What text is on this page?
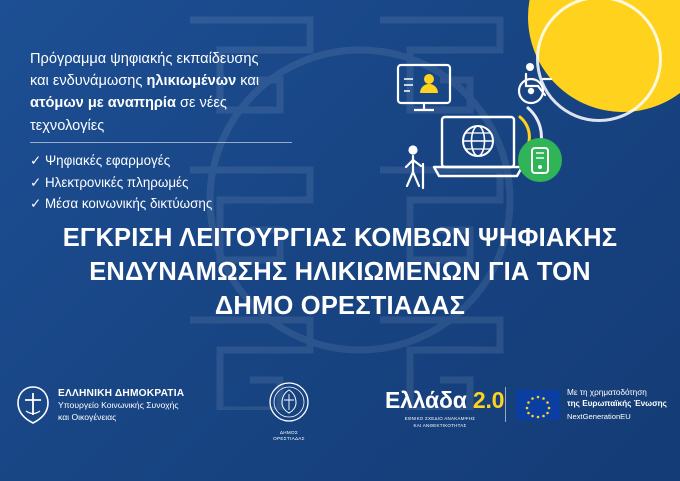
Πρόγραμμα ψηφιακής εκπαίδευσης
και ενδυνάμωσης ηλικιωμένων και
ατόμων με αναπηρία σε νέες
τεχνολογίες
✓ Ψηφιακές εφαρμογές
✓ Ηλεκτρονικές πληρωμές
✓ Μέσα κοινωνικής δικτύωσης
ΕΓΚΡΙΣΗ ΛΕΙΤΟΥΡΓΙΑΣ ΚΟΜΒΩΝ ΨΗΦΙΑΚΗΣ
ΕΝΔΥΝΑΜΩΣΗΣ ΗΛΙΚΙΩΜΕΝΩΝ ΓΙΑ ΤΟΝ
ΔΗΜΟ ΟΡΕΣΤΙΑΔΑΣ
ΕΛΛΗΝΙΚΗ ΔΗΜΟΚΡΑΤΙΑ
Υπουργείο Κοινωνικής Συνοχής
και Οικογένειας
ΔΗΜΟΣ
ΟΡΕΣΤΙΑΔΑΣ
Ελλάδα 2.0
ΕΘΝΙΚΟ ΣΧΕΔΙΟ ΑΝΑΚΑΜΨΗΣ
ΚΑΙ ΑΝΘΕΚΤΙΚΟΤΗΤΑΣ
Με τη χρηματοδότηση
της Ευρωπαϊκής Ένωσης
NextGenerationEU
